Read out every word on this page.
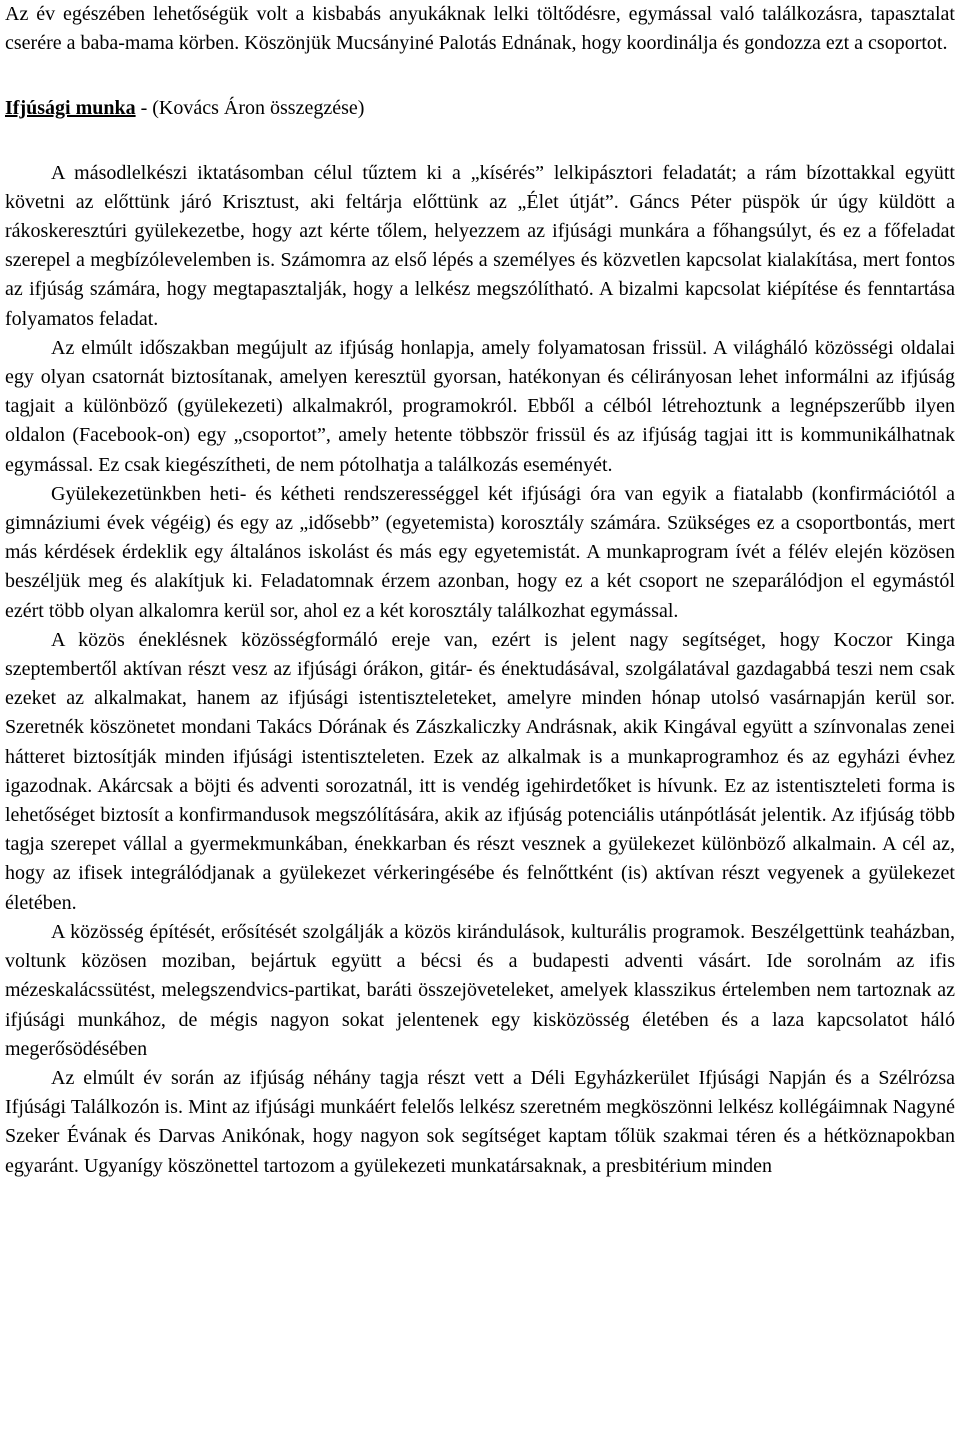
Az év egészében lehetőségük volt a kisbabás anyukáknak lelki töltődésre, egymással való találkozásra, tapasztalat cserére a baba-mama körben. Köszönjük Mucsányiné Palotás Ednának, hogy koordinálja és gondozza ezt a csoportot.

Ifjúsági munka - (Kovács Áron összegzése)

A másodlelkészi iktatásomban célul tűztem ki a „kísérés” lelkipásztori feladatát; a rám bízottakkal együtt követni az előttünk járó Krisztust, aki feltárja előttünk az „Élet útját”. Gáncs Péter püspök úr úgy küldött a rákoskeresztúri gyülekezetbe, hogy azt kérte tőlem, helyezzem az ifjúsági munkára a főhangsúlyt, és ez a főfeladat szerepel a megbízólevelemben is. Számomra az első lépés a személyes és közvetlen kapcsolat kialakítása, mert fontos az ifjúság számára, hogy megtapasztalják, hogy a lelkész megszólítható. A bizalmi kapcsolat kiépítése és fenntartása folyamatos feladat.

Az elmúlt időszakban megújult az ifjúság honlapja, amely folyamatosan frissül. A világháló közösségi oldalai egy olyan csatornát biztosítanak, amelyen keresztül gyorsan, hatékonyan és célirányosan lehet informálni az ifjúság tagjait a különböző (gyülekezeti) alkalmakról, programokról. Ebből a célból létrehoztunk a legnépszerűbb ilyen oldalon (Facebook-on) egy „csoportot”, amely hetente többször frissül és az ifjúság tagjai itt is kommunikálhatnak egymással. Ez csak kiegészítheti, de nem pótolhatja a találkozás eseményét.

Gyülekezetünkben heti- és kétheti rendszerességgel két ifjúsági óra van egyik a fiatalabb (konfirmációtól a gimnáziumi évek végéig) és egy az „idősebb” (egyetemista) korosztály számára. Szükséges ez a csoportbontás, mert más kérdések érdeklik egy általános iskolást és más egy egyetemistát. A munkaprogram ívét a félév elején közösen beszéljük meg és alakítjuk ki. Feladatomnak érzem azonban, hogy ez a két csoport ne szeparálódjon el egymástól ezért több olyan alkalomra kerül sor, ahol ez a két korosztály találkozhat egymással.

A közös éneklésnek közösségformáló ereje van, ezért is jelent nagy segítséget, hogy Koczor Kinga szeptembertől aktívan részt vesz az ifjúsági órákon, gitár- és énektudásával, szolgálatával gazdagabbá teszi nem csak ezeket az alkalmakat, hanem az ifjúsági istentiszteleteket, amelyre minden hónap utolsó vasárnapján kerül sor. Szeretnék köszönetet mondani Takács Dórának és Zászkaliczky Andrásnak, akik Kingával együtt a színvonalas zenei hátteret biztosítják minden ifjúsági istentiszteleten. Ezek az alkalmak is a munkaprogramhoz és az egyházi évhez igazodnak. Akárcsak a böjti és adventi sorozatnál, itt is vendég igehirdetőket is hívunk. Ez az istentiszteleti forma is lehetőséget biztosít a konfirmandusok megszólítására, akik az ifjúság potenciális utánpótlását jelentik. Az ifjúság több tagja szerepet vállal a gyermekmunkában, énekkarban és részt vesznek a gyülekezet különböző alkalmain. A cél az, hogy az ifisek integrálódjanak a gyülekezet vérkeringésébe és felnőttként (is) aktívan részt vegyenek a gyülekezet életében.

A közösség építését, erősítését szolgálják a közös kirándulások, kulturális programok. Beszélgettünk teaházban, voltunk közösen moziban, bejártuk együtt a bécsi és a budapesti adventi vásárt. Ide sorolnám az ifis mézeskalácssütést, melegszendvics-partikat, baráti összejöveteleket, amelyek klasszikus értelemben nem tartoznak az ifjúsági munkához, de mégis nagyon sokat jelentenek egy kisközösség életében és a laza kapcsolatot háló megerősödésében

Az elmúlt év során az ifjúság néhány tagja részt vett a Déli Egyházkerület Ifjúsági Napján és a Szélrózsa Ifjúsági Találkozón is. Mint az ifjúsági munkáért felelős lelkész szeretném megköszönni lelkész kollégáimnak Nagyné Szeker Évának és Darvas Anikónak, hogy nagyon sok segítséget kaptam tőlük szakmai téren és a hétköznapokban egyaránt. Ugyanígy köszönettel tartozom a gyülekezeti munkatársaknak, a presbitérium minden
